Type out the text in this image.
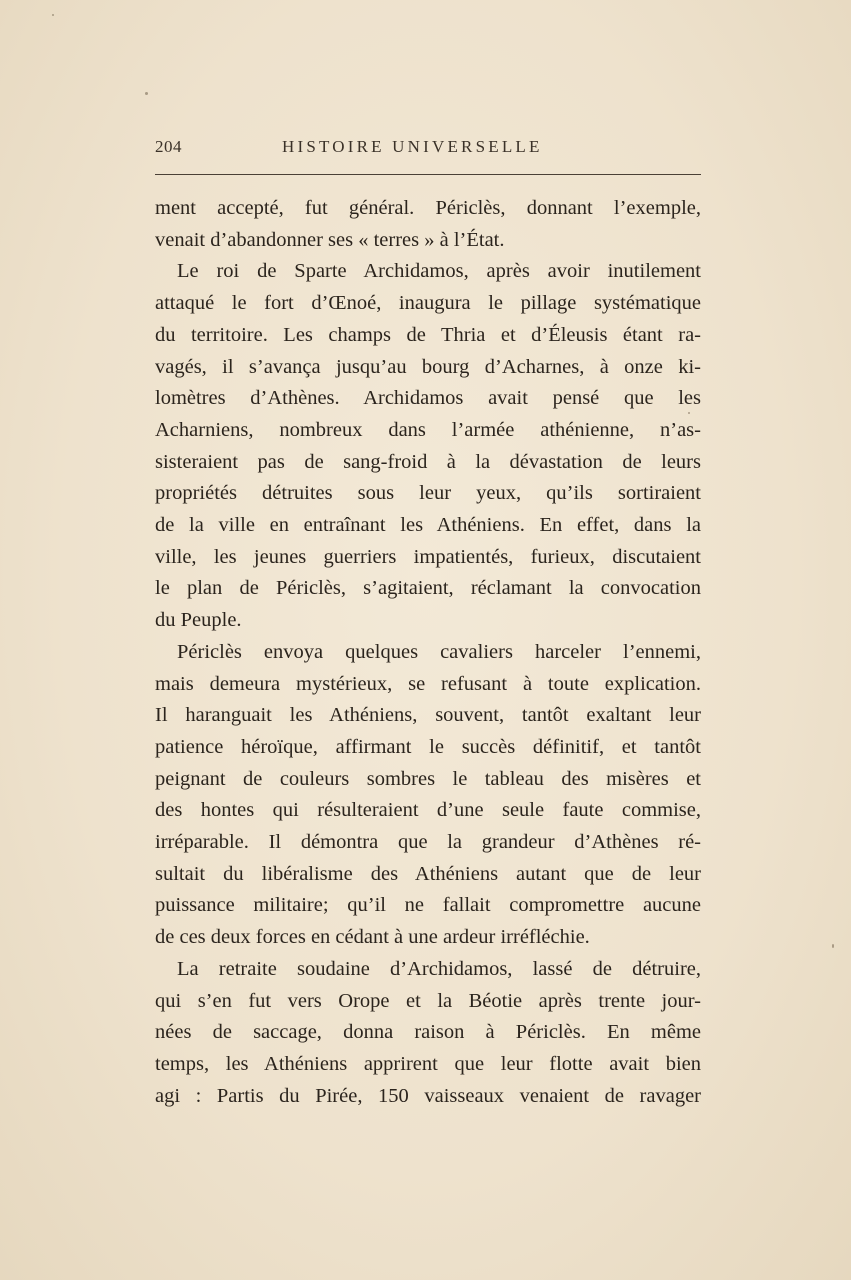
204	HISTOIRE UNIVERSELLE

ment accepté, fut général. Périclès, donnant l’exemple,

venait d’abandonner ses « terres » à l’État.

Le roi de Sparte Archidamos, après avoir inutilement

attaqué le fort d’Œnoé, inaugura le pillage systématique

du territoire. Les champs de Thria et d’Éleusis étant ra-

vagés, il s’avança jusqu’au bourg d’Acharnes, à onze ki-

lomètres d’Athènes. Archidamos avait pensé que les

Acharniens, nombreux dans l’armée athénienne, n’as-

sisteraient pas de sang-froid à la dévastation de leurs

propriétés détruites sous leur yeux, qu’ils sortiraient

de la ville en entraînant les Athéniens. En effet, dans la

ville, les jeunes guerriers impatientés, furieux, discutaient

le plan de Périclès, s’agitaient, réclamant la convocation

du Peuple.

Périclès envoya quelques cavaliers harceler l’ennemi,

mais demeura mystérieux, se refusant à toute explication.

Il haranguait les Athéniens, souvent, tantôt exaltant leur

patience héroïque, affirmant le succès définitif, et tantôt

peignant de couleurs sombres le tableau des misères et

des hontes qui résulteraient d’une seule faute commise,

irréparable. Il démontra que la grandeur d’Athènes ré-

sultait du libéralisme des Athéniens autant que de leur

puissance militaire; qu’il ne fallait compromettre aucune

de ces deux forces en cédant à une ardeur irréfléchie.

La retraite soudaine d’Archidamos, lassé de détruire,

qui s’en fut vers Orope et la Béotie après trente jour-

nées de saccage, donna raison à Périclès. En même

temps, les Athéniens apprirent que leur flotte avait bien

agi : Partis du Pirée, 150 vaisseaux venaient de ravager
